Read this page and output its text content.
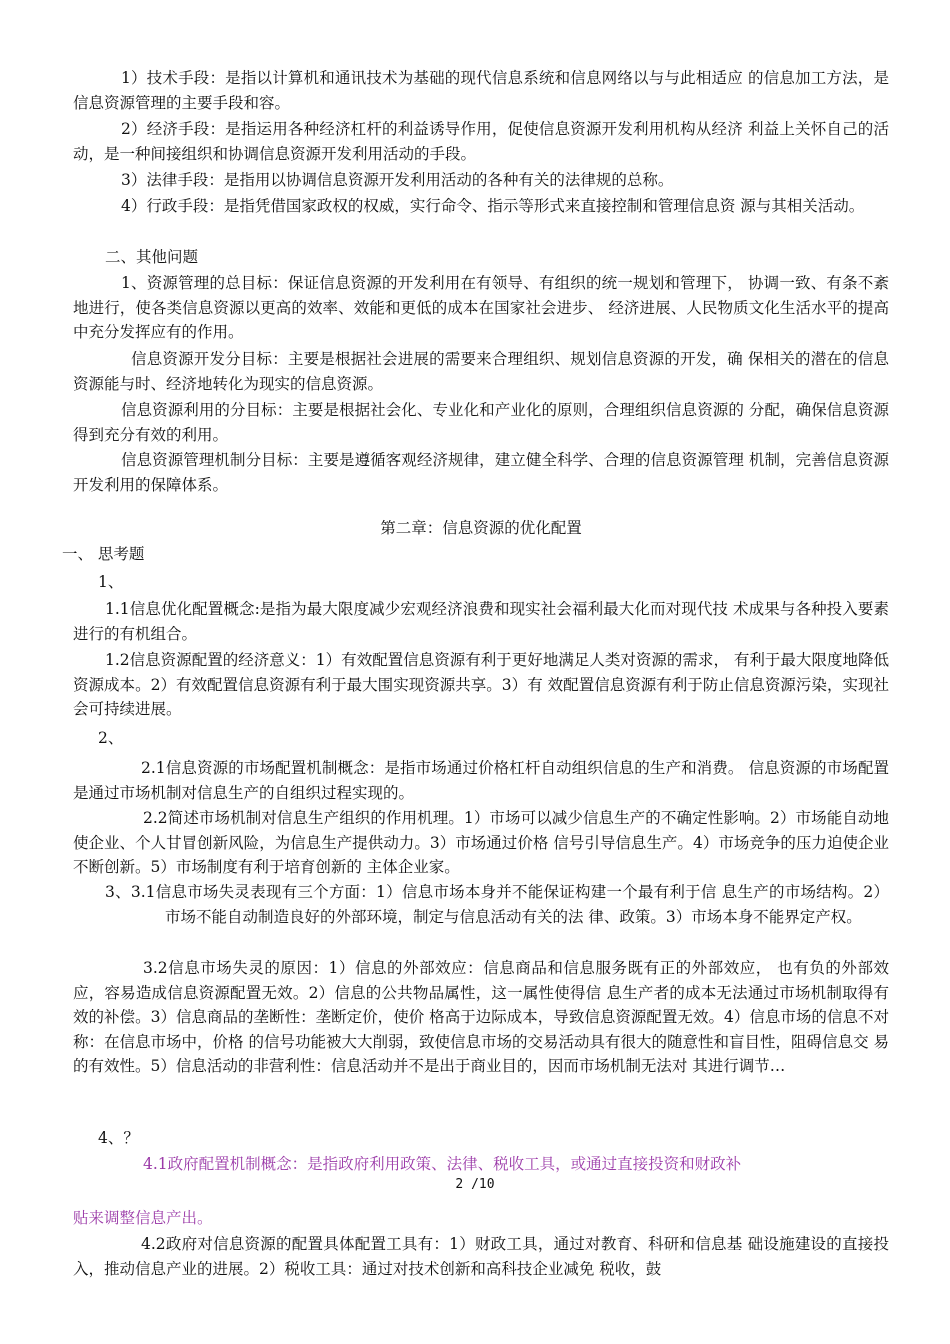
1）技术手段：是指以计算机和通讯技术为基础的现代信息系统和信息网络以与与此相适应 的信息加工方法，是信息资源管理的主要手段和容。

2）经济手段：是指运用各种经济杠杆的利益诱导作用，促使信息资源开发利用机构从经济 利益上关怀自己的活动，是一种间接组织和协调信息资源开发利用活动的手段。

3）法律手段：是指用以协调信息资源开发利用活动的各种有关的法律规的总称。

4）行政手段：是指凭借国家政权的权威，实行命令、指示等形式来直接控制和管理信息资 源与其相关活动。

二、其他问题

1、资源管理的总目标：保证信息资源的开发利用在有领导、有组织的统一规划和管理下， 协调一致、有条不紊地进行，使各类信息资源以更高的效率、效能和更低的成本在国家社会进步、 经济进展、人民物质文化生活水平的提高中充分发挥应有的作用。

信息资源开发分目标：主要是根据社会进展的需要来合理组织、规划信息资源的开发，确 保相关的潜在的信息资源能与时、经济地转化为现实的信息资源。

信息资源利用的分目标：主要是根据社会化、专业化和产业化的原则，合理组织信息资源的 分配，确保信息资源得到充分有效的利用。

信息资源管理机制分目标：主要是遵循客观经济规律，建立健全科学、合理的信息资源管理 机制，完善信息资源开发利用的保障体系。

第二章：信息资源的优化配置

一、 思考题

1、

1.1信息优化配置概念:是指为最大限度减少宏观经济浪费和现实社会福利最大化而对现代技 术成果与各种投入要素进行的有机组合。

1.2信息资源配置的经济意义：1）有效配置信息资源有利于更好地满足人类对资源的需求， 有利于最大限度地降低资源成本。2）有效配置信息资源有利于最大围实现资源共享。3）有 效配置信息资源有利于防止信息资源污染，实现社会可持续进展。

2、

2.1信息资源的市场配置机制概念：是指市场通过价格杠杆自动组织信息的生产和消费。 信息资源的市场配置是通过市场机制对信息生产的自组织过程实现的。

2.2简述市场机制对信息生产组织的作用机理。1）市场可以减少信息生产的不确定性影响。2）市场能自动地使企业、个人甘冒创新风险，为信息生产提供动力。3）市场通过价格 信号引导信息生产。4）市场竞争的压力迫使企业不断创新。5）市场制度有利于培育创新的 主体企业家。

3、3.1信息市场失灵表现有三个方面：1）信息市场本身并不能保证构建一个最有利于信 息生产的市场结构。2）市场不能自动制造良好的外部环境，制定与信息活动有关的法 律、政策。3）市场本身不能界定产权。

3.2信息市场失灵的原因：1）信息的外部效应：信息商品和信息服务既有正的外部效应， 也有负的外部效应，容易造成信息资源配置无效。2）信息的公共物品属性，这一属性使得信 息生产者的成本无法通过市场机制取得有效的补偿。3）信息商品的垄断性：垄断定价，使价 格高于边际成本，导致信息资源配置无效。4）信息市场的信息不对称：在信息市场中，价格 的信号功能被大大削弱，致使信息市场的交易活动具有很大的随意性和盲目性，阻碍信息交 易的有效性。5）信息活动的非营利性：信息活动并不是出于商业目的，因而市场机制无法对 其进行调节…

4、？

4.1政府配置机制概念：是指政府利用政策、法律、税收工具，或通过直接投资和财政补

2 /10

贴来调整信息产出。

4.2政府对信息资源的配置具体配置工具有：1）财政工具，通过对教育、科研和信息基 础设施建设的直接投入，推动信息产业的进展。2）税收工具：通过对技术创新和高科技企业减免 税收，鼓
